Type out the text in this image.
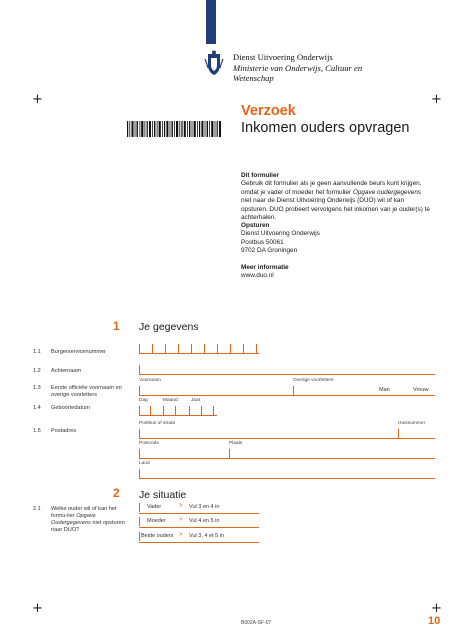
Dienst Uitvoering Onderwijs
Ministerie van Onderwijs, Cultuur en
Wetenschap
+	+
+	+
Verzoek
Inkomen ouders opvragen
Dit formulier
Gebruik dit formulier als je geen aanvullende beurs kunt krijgen, omdat je vader of moeder het formulier Opgave oudergegevens niet naar de Dienst Uitvoering Onderwijs (DUO) wil of kan opsturen. DUO probeert vervolgens het inkomen van je ouder(s) te achterhalen.
Opsturen
Dienst Uitvoering Onderwijs
Postbus 50061
9702 DA Groningen
Meer informatie
www.duo.nl
1 Je gegevens
1.1 Burgerservicenummer
1.2 Achternaam
1.3 Eerste officiële voornaam en overige voorletters
Voornaam	Overige voorletters
Man	Vrouw
1.4 Geboortedatum
Dag	Maand	Jaar
1.5 Postadres
Postbus of straat	Huisnummer
Postcode	Plaats
Land
2 Je situatie
2.1 Welke ouder wil of kan het formu-lier Opgave Oudergegevens niet opsturen naar DUO?
Vader	> Vul 3 en 4 in
Moeder > Vul 4 en 5 in
Beide ouders > Vul 3, 4 et 5 in
B002A-SF-07	10
